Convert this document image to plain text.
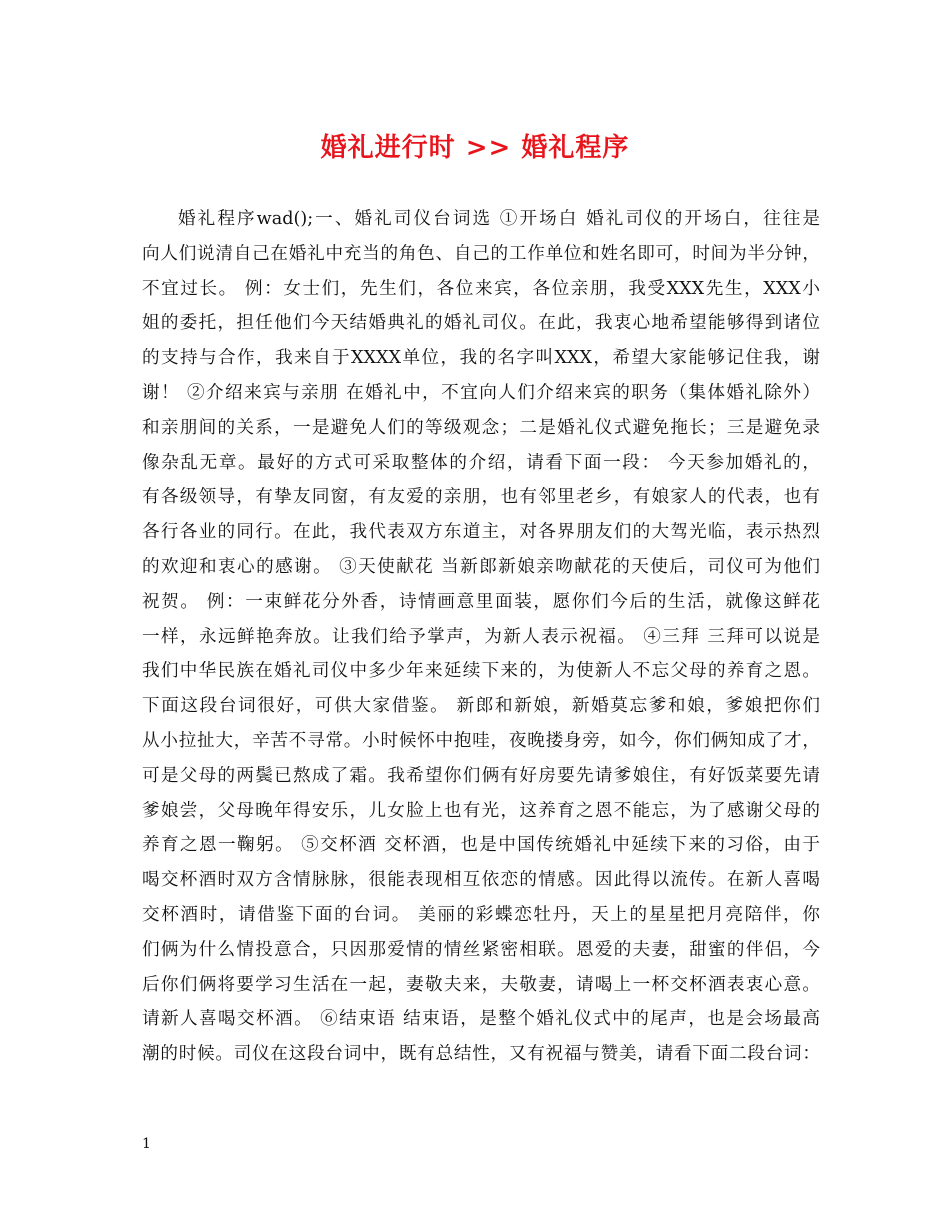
婚礼进行时 >> 婚礼程序
婚礼程序wad();一、婚礼司仪台词选 ①开场白 婚礼司仪的开场白，往往是
向人们说清自己在婚礼中充当的角色、自己的工作单位和姓名即可，时间为半分钟，
不宜过长。 例：女士们，先生们，各位来宾，各位亲朋，我受XXX先生，XXX小
姐的委托，担任他们今天结婚典礼的婚礼司仪。在此，我衷心地希望能够得到诸位
的支持与合作，我来自于XXXX单位，我的名字叫XXX，希望大家能够记住我，谢
谢！ ②介绍来宾与亲朋 在婚礼中，不宜向人们介绍来宾的职务（集体婚礼除外）
和亲朋间的关系，一是避免人们的等级观念；二是婚礼仪式避免拖长；三是避免录
像杂乱无章。最好的方式可采取整体的介绍，请看下面一段： 今天参加婚礼的，
有各级领导，有挚友同窗，有友爱的亲朋，也有邻里老乡，有娘家人的代表，也有
各行各业的同行。在此，我代表双方东道主，对各界朋友们的大驾光临，表示热烈
的欢迎和衷心的感谢。 ③天使献花 当新郎新娘亲吻献花的天使后，司仪可为他们
祝贺。 例：一束鲜花分外香，诗情画意里面装，愿你们今后的生活，就像这鲜花
一样，永远鲜艳奔放。让我们给予掌声，为新人表示祝福。 ④三拜 三拜可以说是
我们中华民族在婚礼司仪中多少年来延续下来的，为使新人不忘父母的养育之恩。
下面这段台词很好，可供大家借鉴。 新郎和新娘，新婚莫忘爹和娘，爹娘把你们
从小拉扯大，辛苦不寻常。小时候怀中抱哇，夜晚搂身旁，如今，你们俩知成了才，
可是父母的两鬓已熬成了霜。我希望你们俩有好房要先请爹娘住，有好饭菜要先请
爹娘尝，父母晚年得安乐，儿女脸上也有光，这养育之恩不能忘，为了感谢父母的
养育之恩一鞠躬。 ⑤交杯酒 交杯酒，也是中国传统婚礼中延续下来的习俗，由于
喝交杯酒时双方含情脉脉，很能表现相互依恋的情感。因此得以流传。在新人喜喝
交杯酒时，请借鉴下面的台词。 美丽的彩蝶恋牡丹，天上的星星把月亮陪伴，你
们俩为什么情投意合，只因那爱情的情丝紧密相联。恩爱的夫妻，甜蜜的伴侣，今
后你们俩将要学习生活在一起，妻敬夫来，夫敬妻，请喝上一杯交杯酒表衷心意。
请新人喜喝交杯酒。 ⑥结束语 结束语，是整个婚礼仪式中的尾声，也是会场最高
潮的时候。司仪在这段台词中，既有总结性，又有祝福与赞美，请看下面二段台词：
1
